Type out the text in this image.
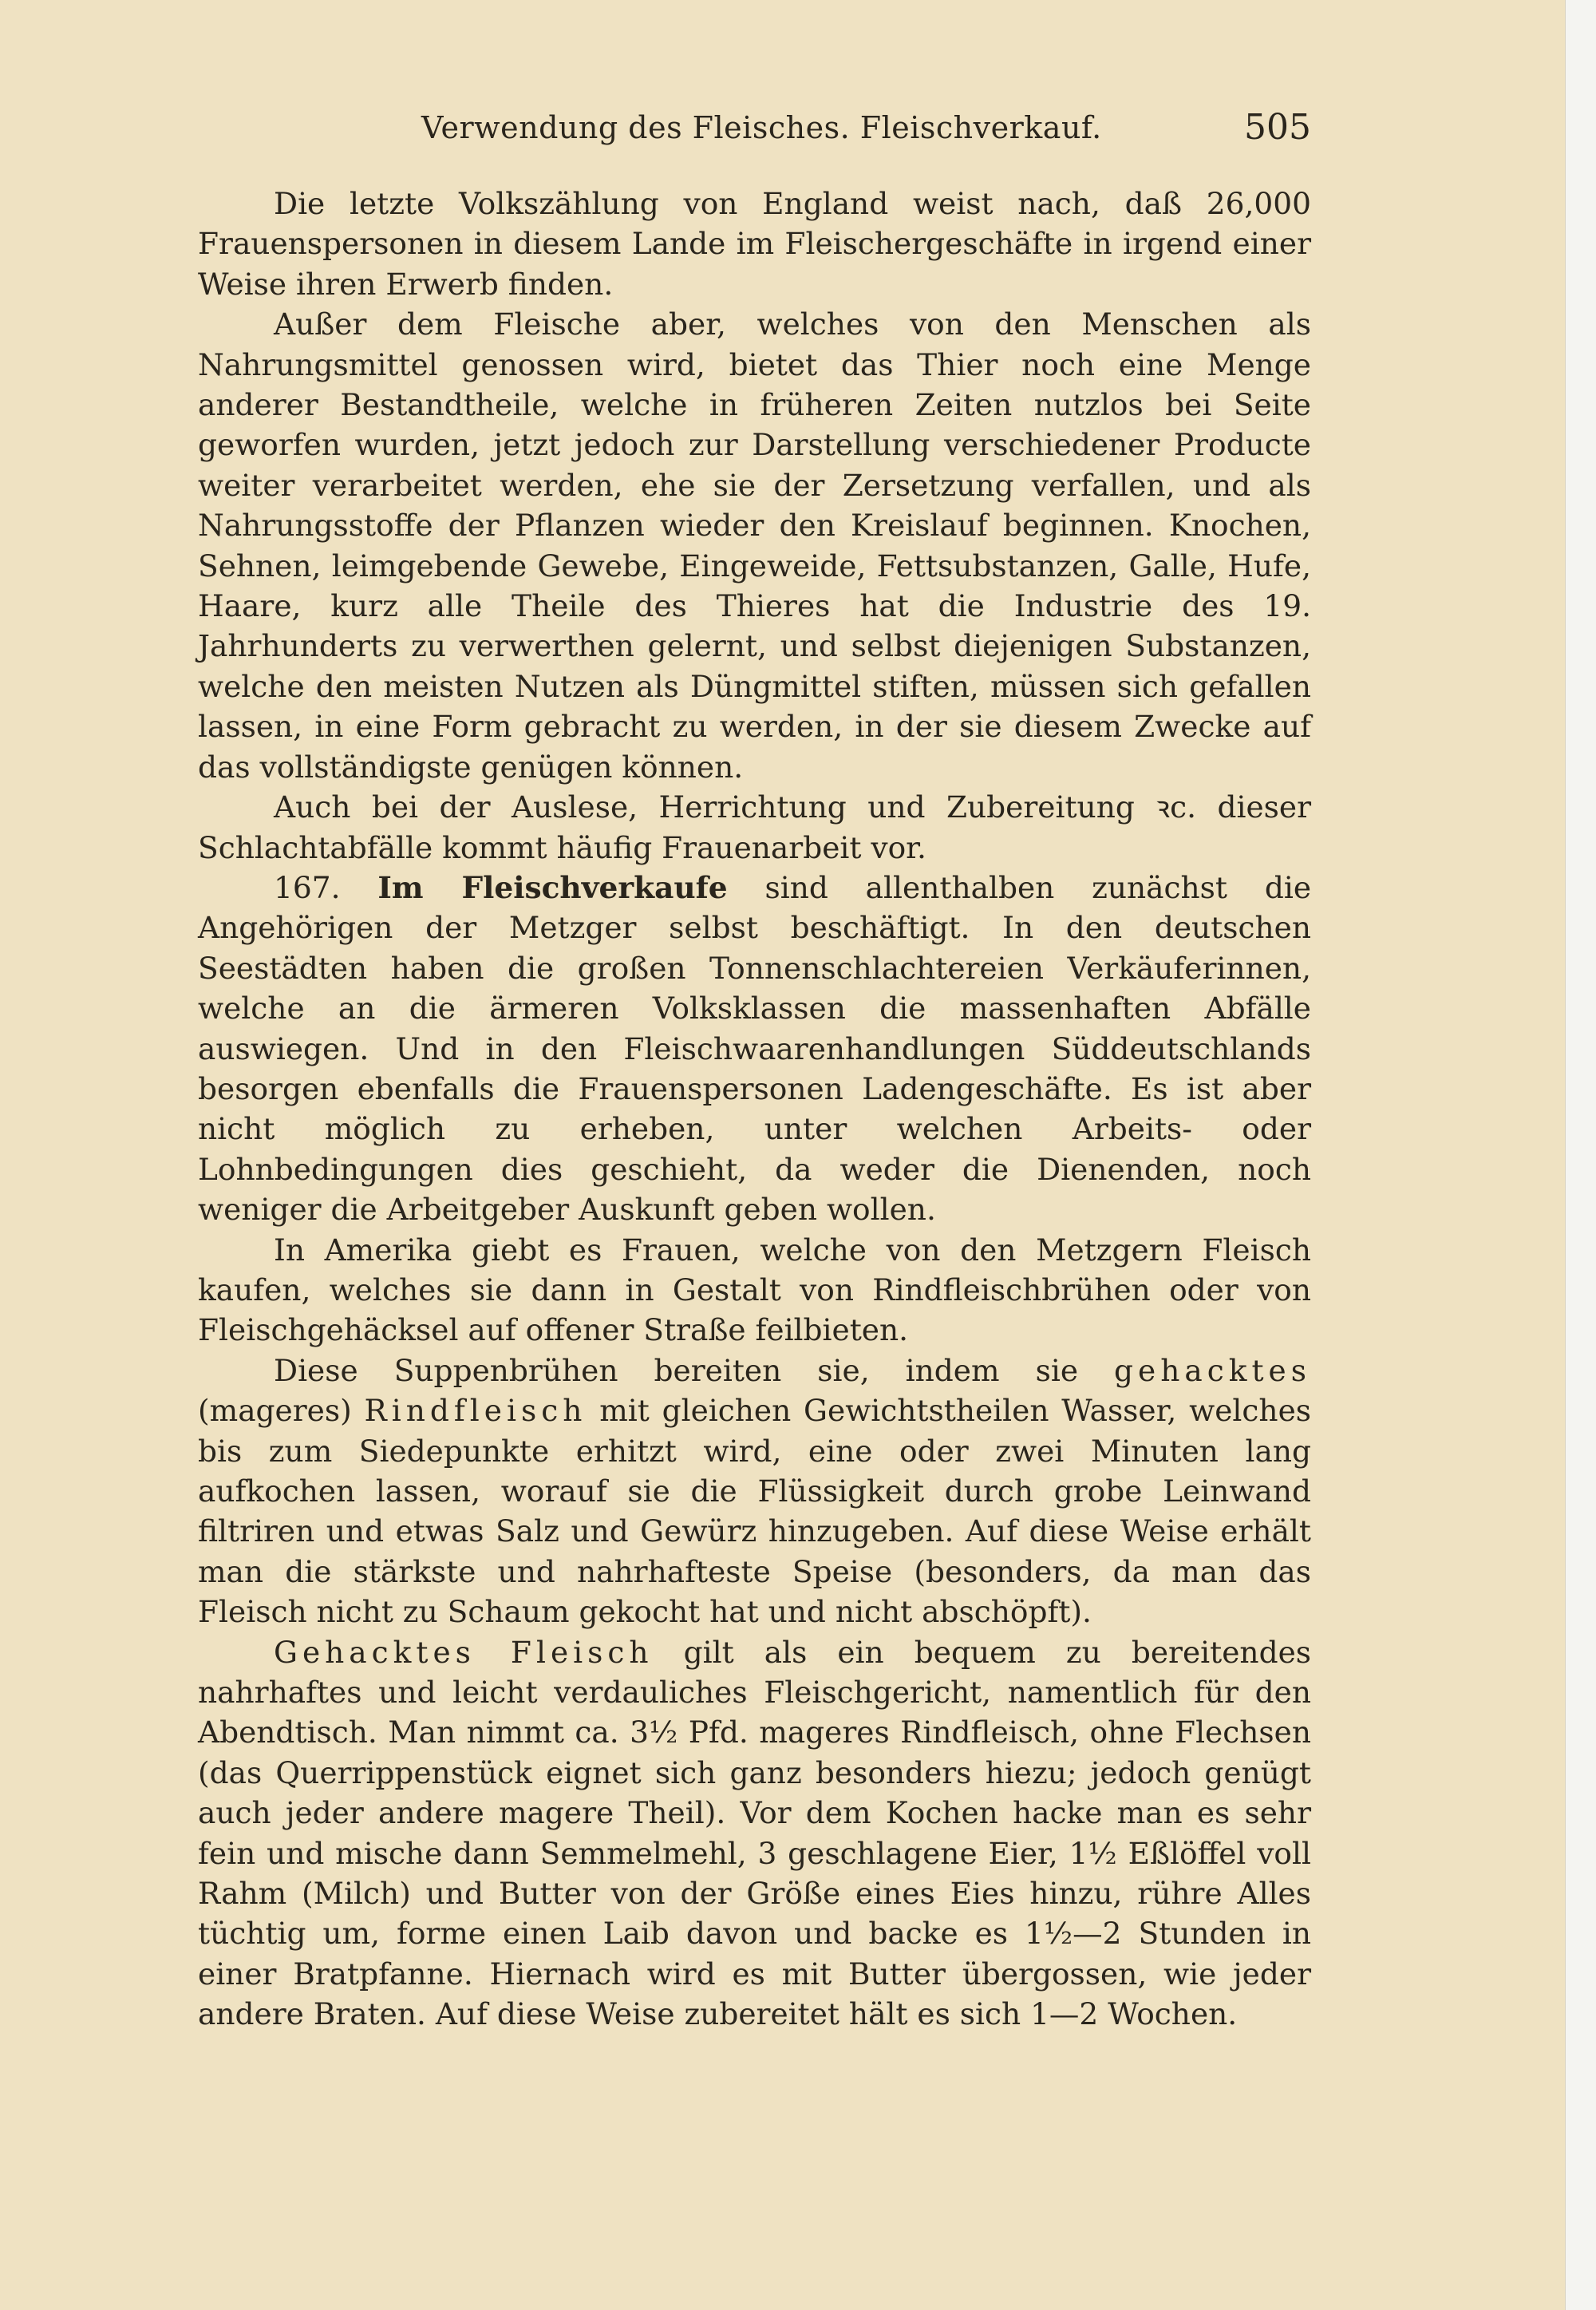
Verwendung des Fleisches. Fleischverkauf.	505

Die letzte Volkszählung von England weist nach, daß 26,000 Frauenspersonen in diesem Lande im Fleischergeschäfte in irgend einer Weise ihren Erwerb finden.

Außer dem Fleische aber, welches von den Menschen als Nahrungsmittel genossen wird, bietet das Thier noch eine Menge anderer Bestandtheile, welche in früheren Zeiten nutzlos bei Seite geworfen wurden, jetzt jedoch zur Darstellung verschiedener Producte weiter verarbeitet werden, ehe sie der Zersetzung verfallen, und als Nahrungsstoffe der Pflanzen wieder den Kreislauf beginnen. Knochen, Sehnen, leimgebende Gewebe, Eingeweide, Fettsubstanzen, Galle, Hufe, Haare, kurz alle Theile des Thieres hat die Industrie des 19. Jahrhunderts zu verwerthen gelernt, und selbst diejenigen Substanzen, welche den meisten Nutzen als Düngmittel stiften, müssen sich gefallen lassen, in eine Form gebracht zu werden, in der sie diesem Zwecke auf das vollständigste genügen können.

Auch bei der Auslese, Herrichtung und Zubereitung ꝛc. dieser Schlachtabfälle kommt häufig Frauenarbeit vor.

167. Im Fleischverkaufe sind allenthalben zunächst die Angehörigen der Metzger selbst beschäftigt. In den deutschen Seestädten haben die großen Tonnenschlachtereien Verkäuferinnen, welche an die ärmeren Volksklassen die massenhaften Abfälle auswiegen. Und in den Fleischwaarenhandlungen Süddeutschlands besorgen ebenfalls die Frauenspersonen Ladengeschäfte. Es ist aber nicht möglich zu erheben, unter welchen Arbeits- oder Lohnbedingungen dies geschieht, da weder die Dienenden, noch weniger die Arbeitgeber Auskunft geben wollen.

In Amerika giebt es Frauen, welche von den Metzgern Fleisch kaufen, welches sie dann in Gestalt von Rindfleischbrühen oder von Fleischgehäcksel auf offener Straße feilbieten.

Diese Suppenbrühen bereiten sie, indem sie gehacktes (mageres) Rindfleisch mit gleichen Gewichtstheilen Wasser, welches bis zum Siedepunkte erhitzt wird, eine oder zwei Minuten lang aufkochen lassen, worauf sie die Flüssigkeit durch grobe Leinwand filtriren und etwas Salz und Gewürz hinzugeben. Auf diese Weise erhält man die stärkste und nahrhafteste Speise (besonders, da man das Fleisch nicht zu Schaum gekocht hat und nicht abschöpft).

Gehacktes Fleisch gilt als ein bequem zu bereitendes nahrhaftes und leicht verdauliches Fleischgericht, namentlich für den Abendtisch. Man nimmt ca. 3½ Pfd. mageres Rindfleisch, ohne Flechsen (das Querrippenstück eignet sich ganz besonders hiezu; jedoch genügt auch jeder andere magere Theil). Vor dem Kochen hacke man es sehr fein und mische dann Semmelmehl, 3 geschlagene Eier, 1½ Eßlöffel voll Rahm (Milch) und Butter von der Größe eines Eies hinzu, rühre Alles tüchtig um, forme einen Laib davon und backe es 1½—2 Stunden in einer Bratpfanne. Hiernach wird es mit Butter übergossen, wie jeder andere Braten. Auf diese Weise zubereitet hält es sich 1—2 Wochen.
